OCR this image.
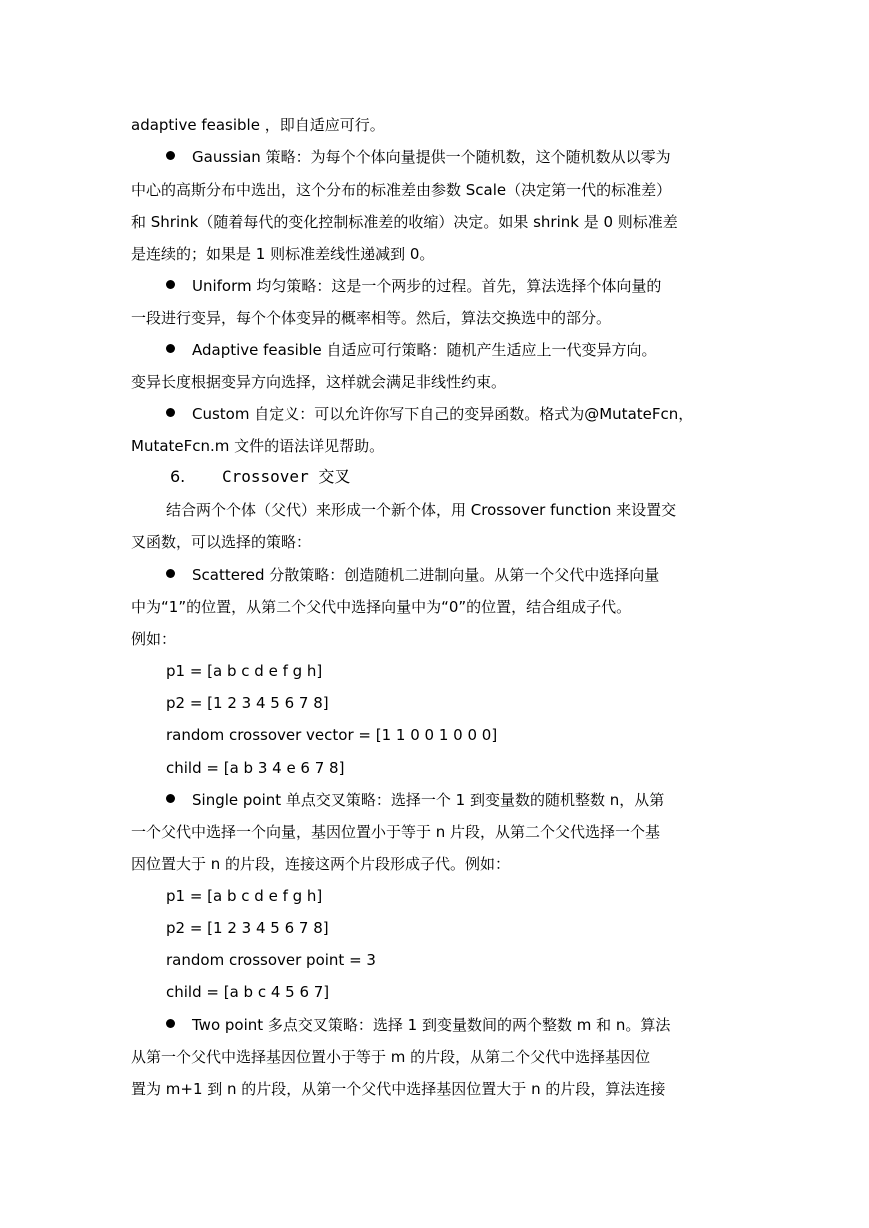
adaptive feasible ，即自适应可行。
Gaussian 策略：为每个个体向量提供一个随机数，这个随机数从以零为
中心的高斯分布中选出，这个分布的标准差由参数 Scale（决定第一代的标准差）
和 Shrink（随着每代的变化控制标准差的收缩）决定。如果 shrink 是 0 则标准差
是连续的；如果是 1 则标准差线性递减到 0。
Uniform 均匀策略：这是一个两步的过程。首先，算法选择个体向量的
一段进行变异，每个个体变异的概率相等。然后，算法交换选中的部分。
Adaptive feasible 自适应可行策略：随机产生适应上一代变异方向。
变异长度根据变异方向选择，这样就会满足非线性约束。
Custom 自定义：可以允许你写下自己的变异函数。格式为@MutateFcn，
MutateFcn.m 文件的语法详见帮助。
6. Crossover 交叉
结合两个个体（父代）来形成一个新个体，用 Crossover function 来设置交
叉函数，可以选择的策略：
Scattered 分散策略：创造随机二进制向量。从第一个父代中选择向量
中为“1”的位置，从第二个父代中选择向量中为“0”的位置，结合组成子代。
例如：
p1 = [a b c d e f g h]
p2 = [1 2 3 4 5 6 7 8]
random crossover vector = [1 1 0 0 1 0 0 0]
child = [a b 3 4 e 6 7 8]
Single point 单点交叉策略：选择一个 1 到变量数的随机整数 n，从第
一个父代中选择一个向量，基因位置小于等于 n 片段，从第二个父代选择一个基
因位置大于 n 的片段，连接这两个片段形成子代。例如：
p1 = [a b c d e f g h]
p2 = [1 2 3 4 5 6 7 8]
random crossover point = 3
child = [a b c 4 5 6 7]
Two point 多点交叉策略：选择 1 到变量数间的两个整数 m 和 n。算法
从第一个父代中选择基因位置小于等于 m 的片段，从第二个父代中选择基因位
置为 m+1 到 n 的片段，从第一个父代中选择基因位置大于 n 的片段，算法连接
